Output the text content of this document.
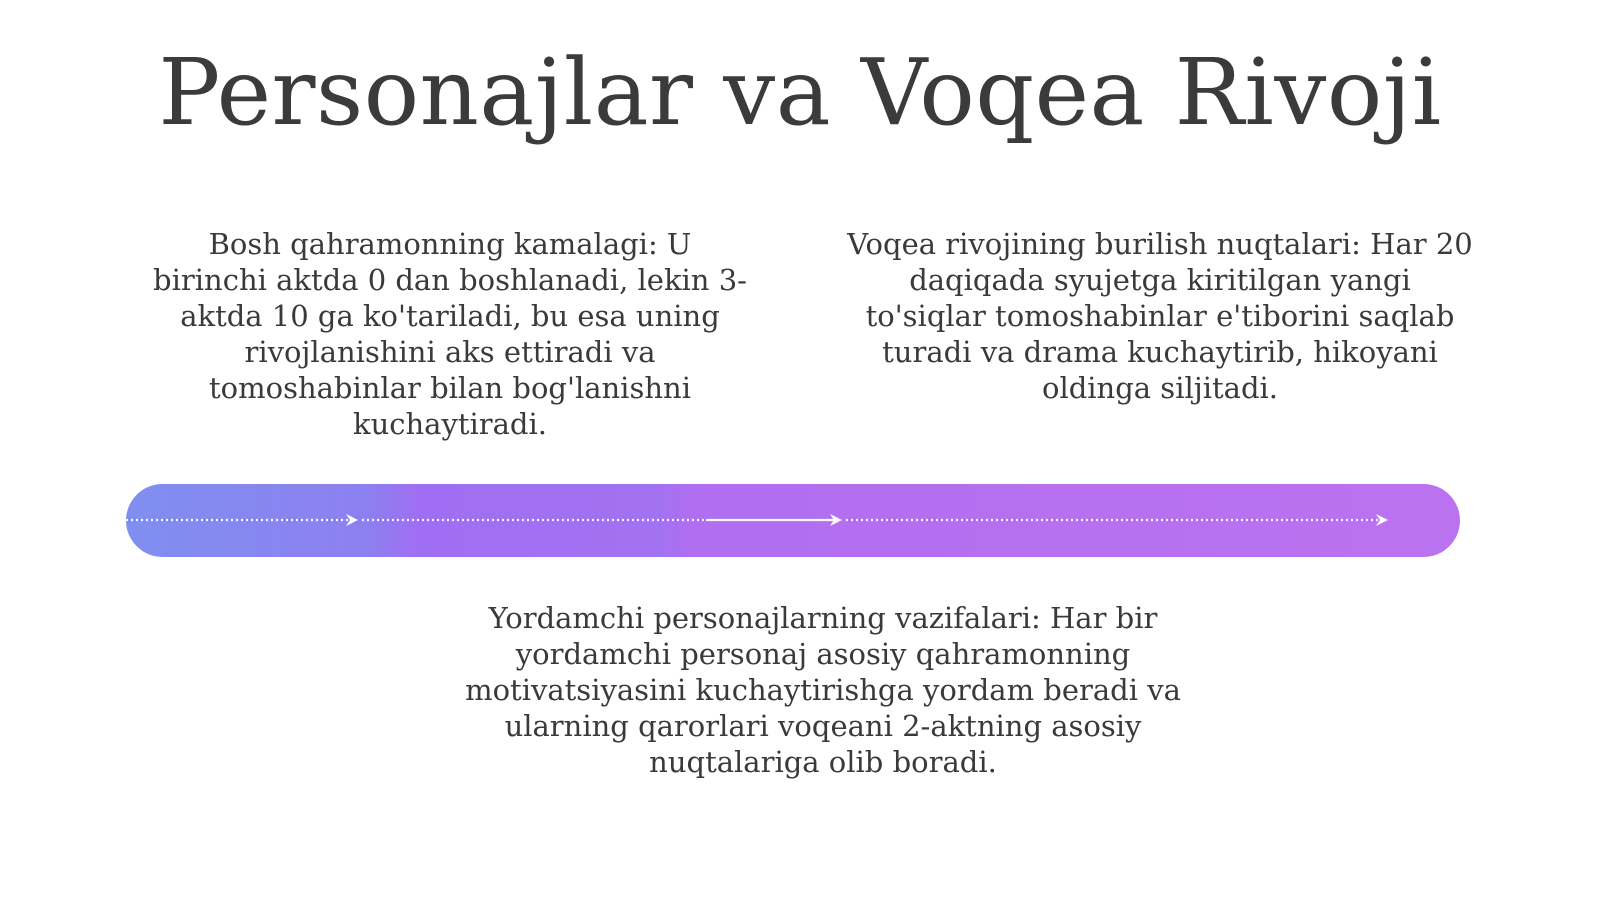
Personajlar va Voqea Rivoji

Bosh qahramonning kamalagi: U birinchi aktda 0 dan boshlanadi, lekin 3-aktda 10 ga ko'tariladi, bu esa uning rivojlanishini aks ettiradi va tomoshabinlar bilan bog'lanishni kuchaytiradi.

Voqea rivojining burilish nuqtalari: Har 20 daqiqada syujetga kiritilgan yangi to'siqlar tomoshabinlar e'tiborini saqlab turadi va drama kuchaytirib, hikoyani oldinga siljitadi.

Yordamchi personajlarning vazifalari: Har bir yordamchi personaj asosiy qahramonning motivatsiyasini kuchaytirishga yordam beradi va ularning qarorlari voqeani 2-aktning asosiy nuqtalariga olib boradi.
